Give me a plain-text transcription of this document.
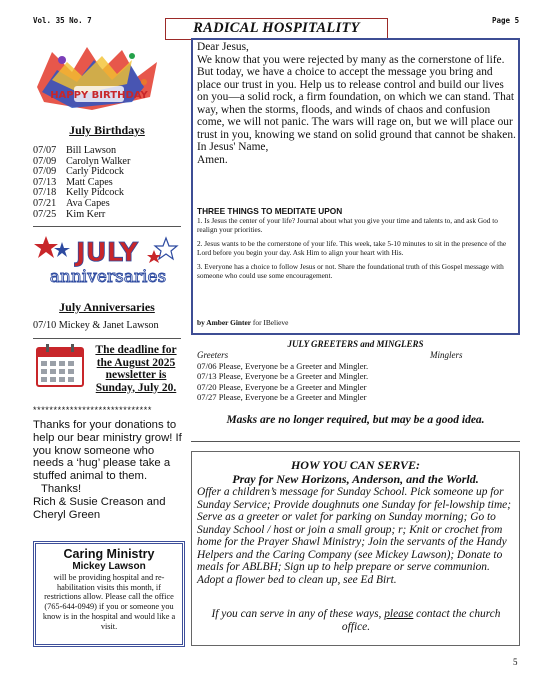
Vol. 35 No. 7	Page 5
RADICAL HOSPITALITY
HAPPY BIRTHDAY
July Birthdays
07/07 Bill Lawson
07/09 Carolyn Walker
07/09 Carly Pidcock
07/13 Matt Capes
07/18 Kelly Pidcock
07/21 Ava Capes
07/25 Kim Kerr
JULY
anniversaries
July Anniversaries
07/10 Mickey & Janet Lawson
The deadline for
the August 2025
newsletter is
Sunday, July 20.
*****************************

Thanks for your donations to help our bear ministry grow! If you know someone who needs a ‘hug’ please take a stuffed animal to them.

Thanks!

Rich & Susie Creason and Cheryl Green

Caring Ministry
Mickey Lawson
will be providing hospital and re-habilitation visits this month, if restrictions allow. Please call the office (765-644-0949) if you or someone you know is in the hospital and would like a visit.

Dear Jesus,

We know that you were rejected by many as the cornerstone of life. But today, we have a choice to accept the message you bring and place our trust in you. Help us to release control and build our lives on you—a solid rock, a firm foundation, on which we can stand. That way, when the storms, floods, and winds of chaos and confusion come, we will not panic. The wars will rage on, but we will place our trust in you, knowing we stand on solid ground that cannot be shaken.

In Jesus' Name,

Amen.

THREE THINGS TO MEDITATE UPON

1. Is Jesus the center of your life? Journal about what you give your time and talents to, and ask God to realign your priorities.

2. Jesus wants to be the cornerstone of your life. This week, take 5-10 minutes to sit in the presence of the Lord before you begin your day. Ask Him to align your heart with His.

3. Everyone has a choice to follow Jesus or not. Share the foundational truth of this Gospel message with someone who could use some encouragement.

by Amber Ginter for IBelieve
JULY GREETERS and MINGLERS
Greeters	Minglers
07/06 Please, Everyone be a Greeter and Mingler.
07/13 Please, Everyone be a Greeter and Mingler.
07/20 Please, Everyone be a Greeter and Mingler
07/27 Please, Everyone be a Greeter and Mingler
Masks are no longer required, but may be a good idea.
HOW YOU CAN SERVE:
Pray for New Horizons, Anderson, and the World.

Offer a children’s message for Sunday School. Pick someone up for Sunday Service; Provide doughnuts one Sunday for fel-lowship time; Serve as a greeter or valet for parking on Sunday morning; Go to Sunday School / host or join a small group; r; Knit or crochet from home for the Prayer Shawl Ministry; Join the servants of the Handy Helpers and the Caring Company (see Mickey Lawson); Donate to meals for ABLBH; Sign up to help prepare or serve communion. Adopt a flower bed to clean up, see Ed Birt.

If you can serve in any of these ways, please contact the church office.
5
